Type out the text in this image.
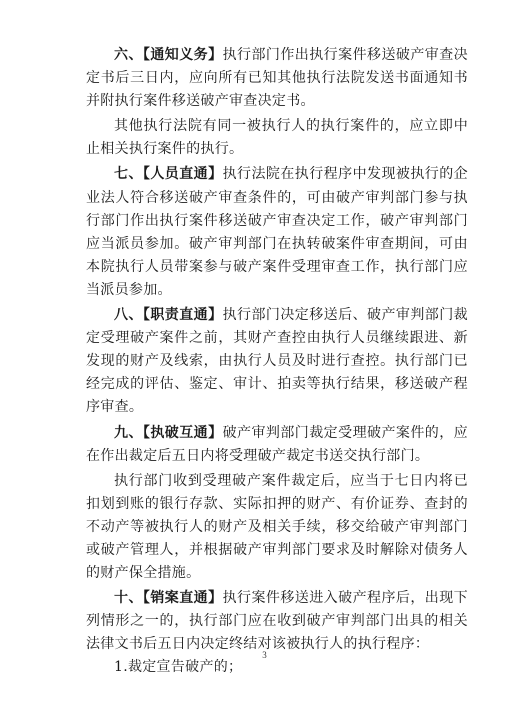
六、【通知义务】执行部门作出执行案件移送破产审查决定书后三日内，应向所有已知其他执行法院发送书面通知书并附执行案件移送破产审查决定书。

其他执行法院有同一被执行人的执行案件的，应立即中止相关执行案件的执行。

七、【人员直通】执行法院在执行程序中发现被执行的企业法人符合移送破产审查条件的，可由破产审判部门参与执行部门作出执行案件移送破产审查决定工作，破产审判部门应当派员参加。破产审判部门在执转破案件审查期间，可由本院执行人员带案参与破产案件受理审查工作，执行部门应当派员参加。

八、【职责直通】执行部门决定移送后、破产审判部门裁定受理破产案件之前，其财产查控由执行人员继续跟进、新发现的财产及线索，由执行人员及时进行查控。执行部门已经完成的评估、鉴定、审计、拍卖等执行结果，移送破产程序审查。

九、【执破互通】破产审判部门裁定受理破产案件的，应在作出裁定后五日内将受理破产裁定书送交执行部门。

执行部门收到受理破产案件裁定后，应当于七日内将已扣划到账的银行存款、实际扣押的财产、有价证券、查封的不动产等被执行人的财产及相关手续，移交给破产审判部门或破产管理人，并根据破产审判部门要求及时解除对债务人的财产保全措施。

十、【销案直通】执行案件移送进入破产程序后，出现下列情形之一的，执行部门应在收到破产审判部门出具的相关法律文书后五日内决定终结对该被执行人的执行程序：

1.裁定宣告破产的；

3
